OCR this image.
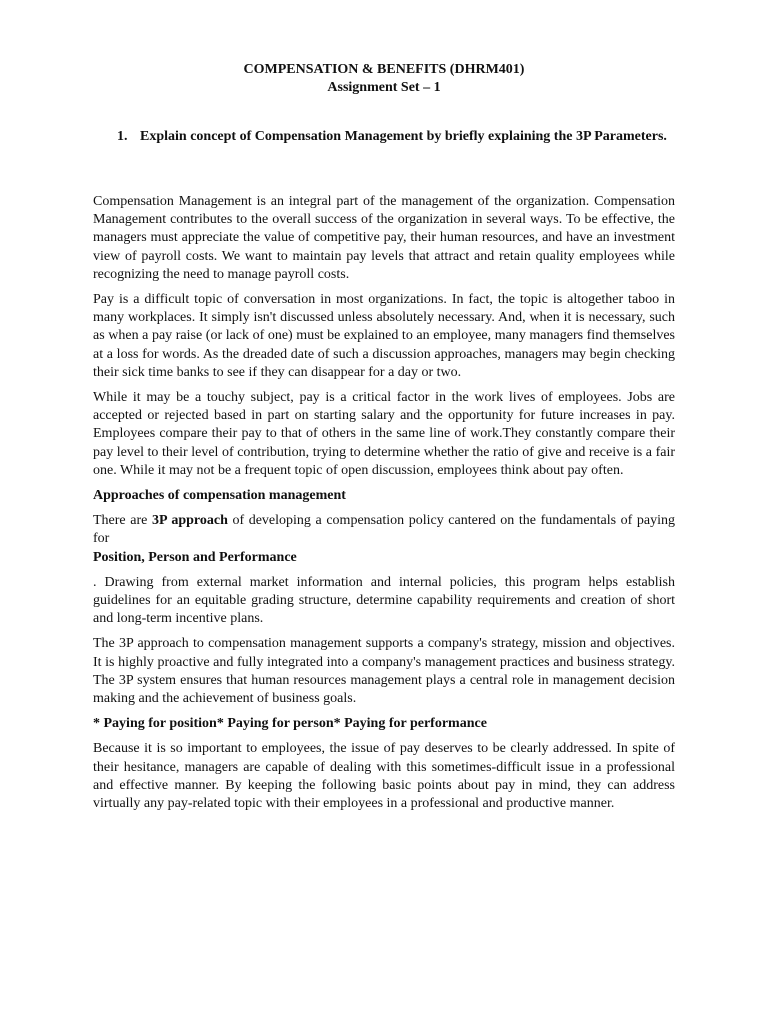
COMPENSATION & BENEFITS (DHRM401)
Assignment Set – 1
1. Explain concept of Compensation Management by briefly explaining the 3P Parameters.

Compensation Management is an integral part of the management of the organization. Compensation Management contributes to the overall success of the organization in several ways. To be effective, the managers must appreciate the value of competitive pay, their human resources, and have an investment view of payroll costs. We want to maintain pay levels that attract and retain quality employees while recognizing the need to manage payroll costs.

Pay is a difficult topic of conversation in most organizations. In fact, the topic is altogether taboo in many workplaces. It simply isn't discussed unless absolutely necessary. And, when it is necessary, such as when a pay raise (or lack of one) must be explained to an employee, many managers find themselves at a loss for words. As the dreaded date of such a discussion approaches, managers may begin checking their sick time banks to see if they can disappear for a day or two.

While it may be a touchy subject, pay is a critical factor in the work lives of employees. Jobs are accepted or rejected based in part on starting salary and the opportunity for future increases in pay. Employees compare their pay to that of others in the same line of work.They constantly compare their pay level to their level of contribution, trying to determine whether the ratio of give and receive is a fair one. While it may not be a frequent topic of open discussion, employees think about pay often.

Approaches of compensation management

There are 3P approach of developing a compensation policy cantered on the fundamentals of paying for

Position, Person and Performance

. Drawing from external market information and internal policies, this program helps establish guidelines for an equitable grading structure, determine capability requirements and creation of short and long-term incentive plans.

The 3P approach to compensation management supports a company's strategy, mission and objectives. It is highly proactive and fully integrated into a company's management practices and business strategy. The 3P system ensures that human resources management plays a central role in management decision making and the achievement of business goals.

* Paying for position* Paying for person* Paying for performance

Because it is so important to employees, the issue of pay deserves to be clearly addressed. In spite of their hesitance, managers are capable of dealing with this sometimes-difficult issue in a professional and effective manner. By keeping the following basic points about pay in mind, they can address virtually any pay-related topic with their employees in a professional and productive manner.
